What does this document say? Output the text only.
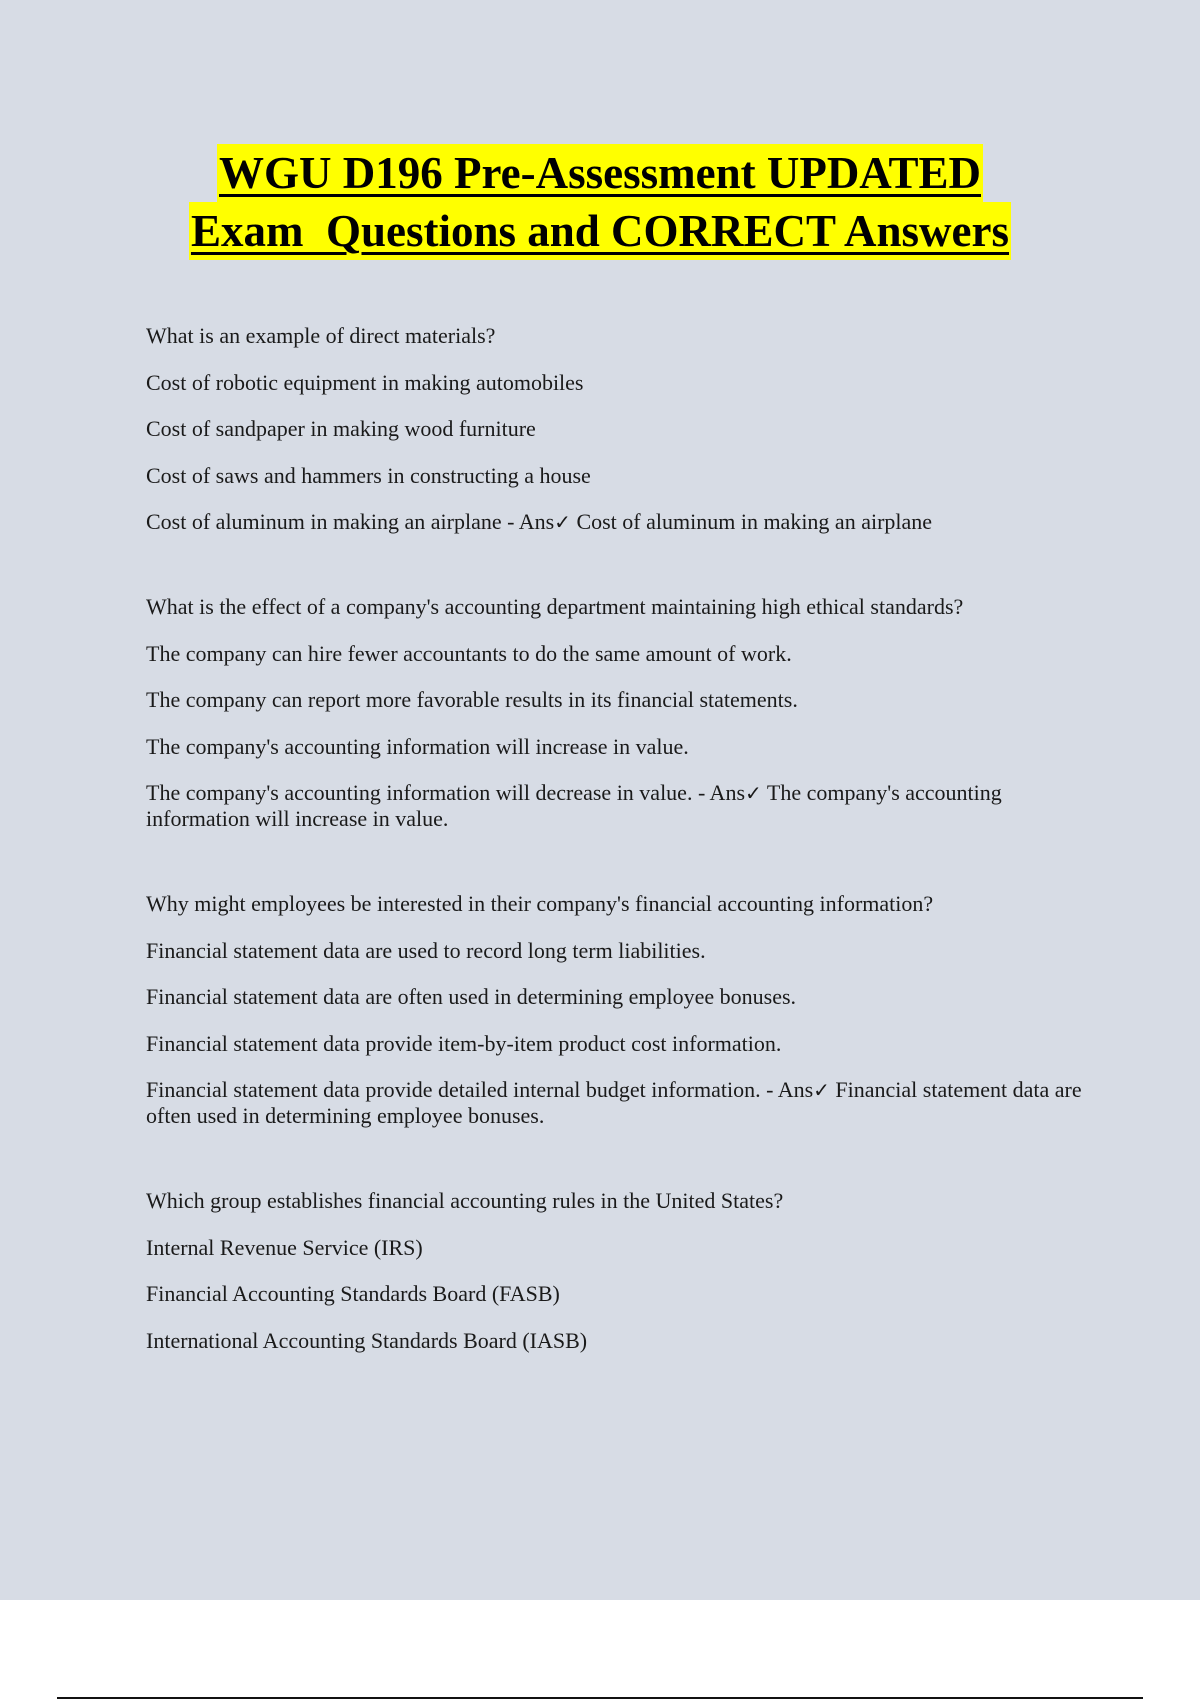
WGU D196 Pre-Assessment UPDATED
Exam  Questions and CORRECT Answers
What is an example of direct materials?
Cost of robotic equipment in making automobiles
Cost of sandpaper in making wood furniture
Cost of saws and hammers in constructing a house
Cost of aluminum in making an airplane - Ans✓ Cost of aluminum in making an airplane
What is the effect of a company's accounting department maintaining high ethical standards?
The company can hire fewer accountants to do the same amount of work.
The company can report more favorable results in its financial statements.
The company's accounting information will increase in value.
The company's accounting information will decrease in value. - Ans✓ The company's accounting information will increase in value.
Why might employees be interested in their company's financial accounting information?
Financial statement data are used to record long term liabilities.
Financial statement data are often used in determining employee bonuses.
Financial statement data provide item-by-item product cost information.
Financial statement data provide detailed internal budget information. - Ans✓ Financial statement data are often used in determining employee bonuses.
Which group establishes financial accounting rules in the United States?
Internal Revenue Service (IRS)
Financial Accounting Standards Board (FASB)
International Accounting Standards Board (IASB)
